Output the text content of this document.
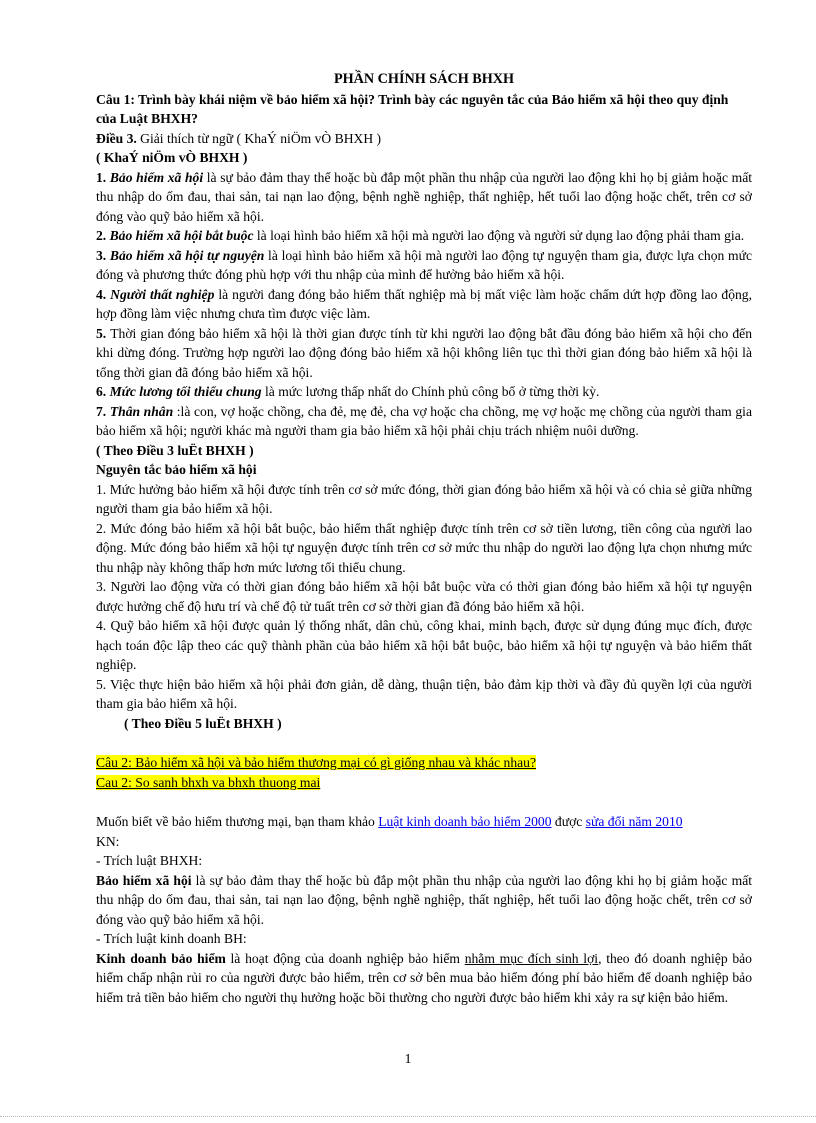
PHẦN CHÍNH SÁCH BHXH

Câu 1: Trình bày khái niệm về bảo hiểm xã hội? Trình bày các nguyên tắc của Bảo hiểm xã hội theo quy định của Luật BHXH?

Điều 3. Giải thích từ ngữ ( KhaÝ niÖm vÒ BHXH )

( KhaÝ niÖm vÒ BHXH )

1. Bảo hiểm xã hội là sự bảo đảm thay thế hoặc bù đắp một phần thu nhập của người lao động khi họ bị giảm hoặc mất thu nhập do ốm đau, thai sản, tai nạn lao động, bệnh nghề nghiệp, thất nghiệp, hết tuổi lao động hoặc chết, trên cơ sở đóng vào quỹ bảo hiểm xã hội.

2. Bảo hiểm xã hội bắt buộc là loại hình bảo hiểm xã hội mà người lao động và người sử dụng lao động phải tham gia.

3. Bảo hiểm xã hội tự nguyện là loại hình bảo hiểm xã hội mà người lao động tự nguyện tham gia, được lựa chọn mức đóng và phương thức đóng phù hợp với thu nhập của mình để hưởng bảo hiểm xã hội.

4. Người thất nghiệp là người đang đóng bảo hiểm thất nghiệp mà bị mất việc làm hoặc chấm dứt hợp đồng lao động, hợp đồng làm việc nhưng chưa tìm được việc làm.

5. Thời gian đóng bảo hiểm xã hội là thời gian được tính từ khi người lao động bắt đầu đóng bảo hiểm xã hội cho đến khi dừng đóng. Trường hợp người lao động đóng bảo hiểm xã hội không liên tục thì thời gian đóng bảo hiểm xã hội là tổng thời gian đã đóng bảo hiểm xã hội.

6. Mức lương tối thiểu chung là mức lương thấp nhất do Chính phủ công bố ở từng thời kỳ.

7. Thân nhân :là con, vợ hoặc chồng, cha đẻ, mẹ đẻ, cha vợ hoặc cha chồng, mẹ vợ hoặc mẹ chồng của người tham gia bảo hiểm xã hội; người khác mà người tham gia bảo hiểm xã hội phải chịu trách nhiệm nuôi dưỡng.

( Theo Điều 3 luËt BHXH )

Nguyên tắc bảo hiểm xã hội

1. Mức hưởng bảo hiểm xã hội được tính trên cơ sở mức đóng, thời gian đóng bảo hiểm xã hội và có chia sẻ giữa những người tham gia bảo hiểm xã hội.

2. Mức đóng bảo hiểm xã hội bắt buộc, bảo hiểm thất nghiệp được tính trên cơ sở tiền lương, tiền công của người lao động. Mức đóng bảo hiểm xã hội tự nguyện được tính trên cơ sở mức thu nhập do người lao động lựa chọn nhưng mức thu nhập này không thấp hơn mức lương tối thiểu chung.

3. Người lao động vừa có thời gian đóng bảo hiểm xã hội bắt buộc vừa có thời gian đóng bảo hiểm xã hội tự nguyện được hưởng chế độ hưu trí và chế độ tử tuất trên cơ sở thời gian đã đóng bảo hiểm xã hội.

4. Quỹ bảo hiểm xã hội được quản lý thống nhất, dân chủ, công khai, minh bạch, được sử dụng đúng mục đích, được hạch toán độc lập theo các quỹ thành phần của bảo hiểm xã hội bắt buộc, bảo hiểm xã hội tự nguyện và bảo hiểm thất nghiệp.

5. Việc thực hiện bảo hiểm xã hội phải đơn giản, dễ dàng, thuận tiện, bảo đảm kịp thời và đầy đủ quyền lợi của người tham gia bảo hiểm xã hội.

( Theo Điều 5 luËt BHXH )

Câu 2: Bảo hiểm xã hội và bảo hiểm thương mại có gì giống nhau và khác nhau?

Cau 2: So sanh bhxh va bhxh thuong mai

Muốn biết về bảo hiểm thương mại, bạn tham khảo Luật kinh doanh bảo hiểm 2000 được sửa đổi năm 2010

KN:

- Trích luật BHXH:

Bảo hiểm xã hội là sự bảo đảm thay thế hoặc bù đắp một phần thu nhập của người lao động khi họ bị giảm hoặc mất thu nhập do ốm đau, thai sản, tai nạn lao động, bệnh nghề nghiệp, thất nghiệp, hết tuổi lao động hoặc chết, trên cơ sở đóng vào quỹ bảo hiểm xã hội.

- Trích luật kinh doanh BH:

Kinh doanh bảo hiểm là hoạt động của doanh nghiệp bảo hiểm nhằm mục đích sinh lợi, theo đó doanh nghiệp bảo hiểm chấp nhận rủi ro của người được bảo hiểm, trên cơ sở bên mua bảo hiểm đóng phí bảo hiểm để doanh nghiệp bảo hiểm trả tiền bảo hiểm cho người thụ hưởng hoặc bồi thường cho người được bảo hiểm khi xảy ra sự kiện bảo hiểm.

1
